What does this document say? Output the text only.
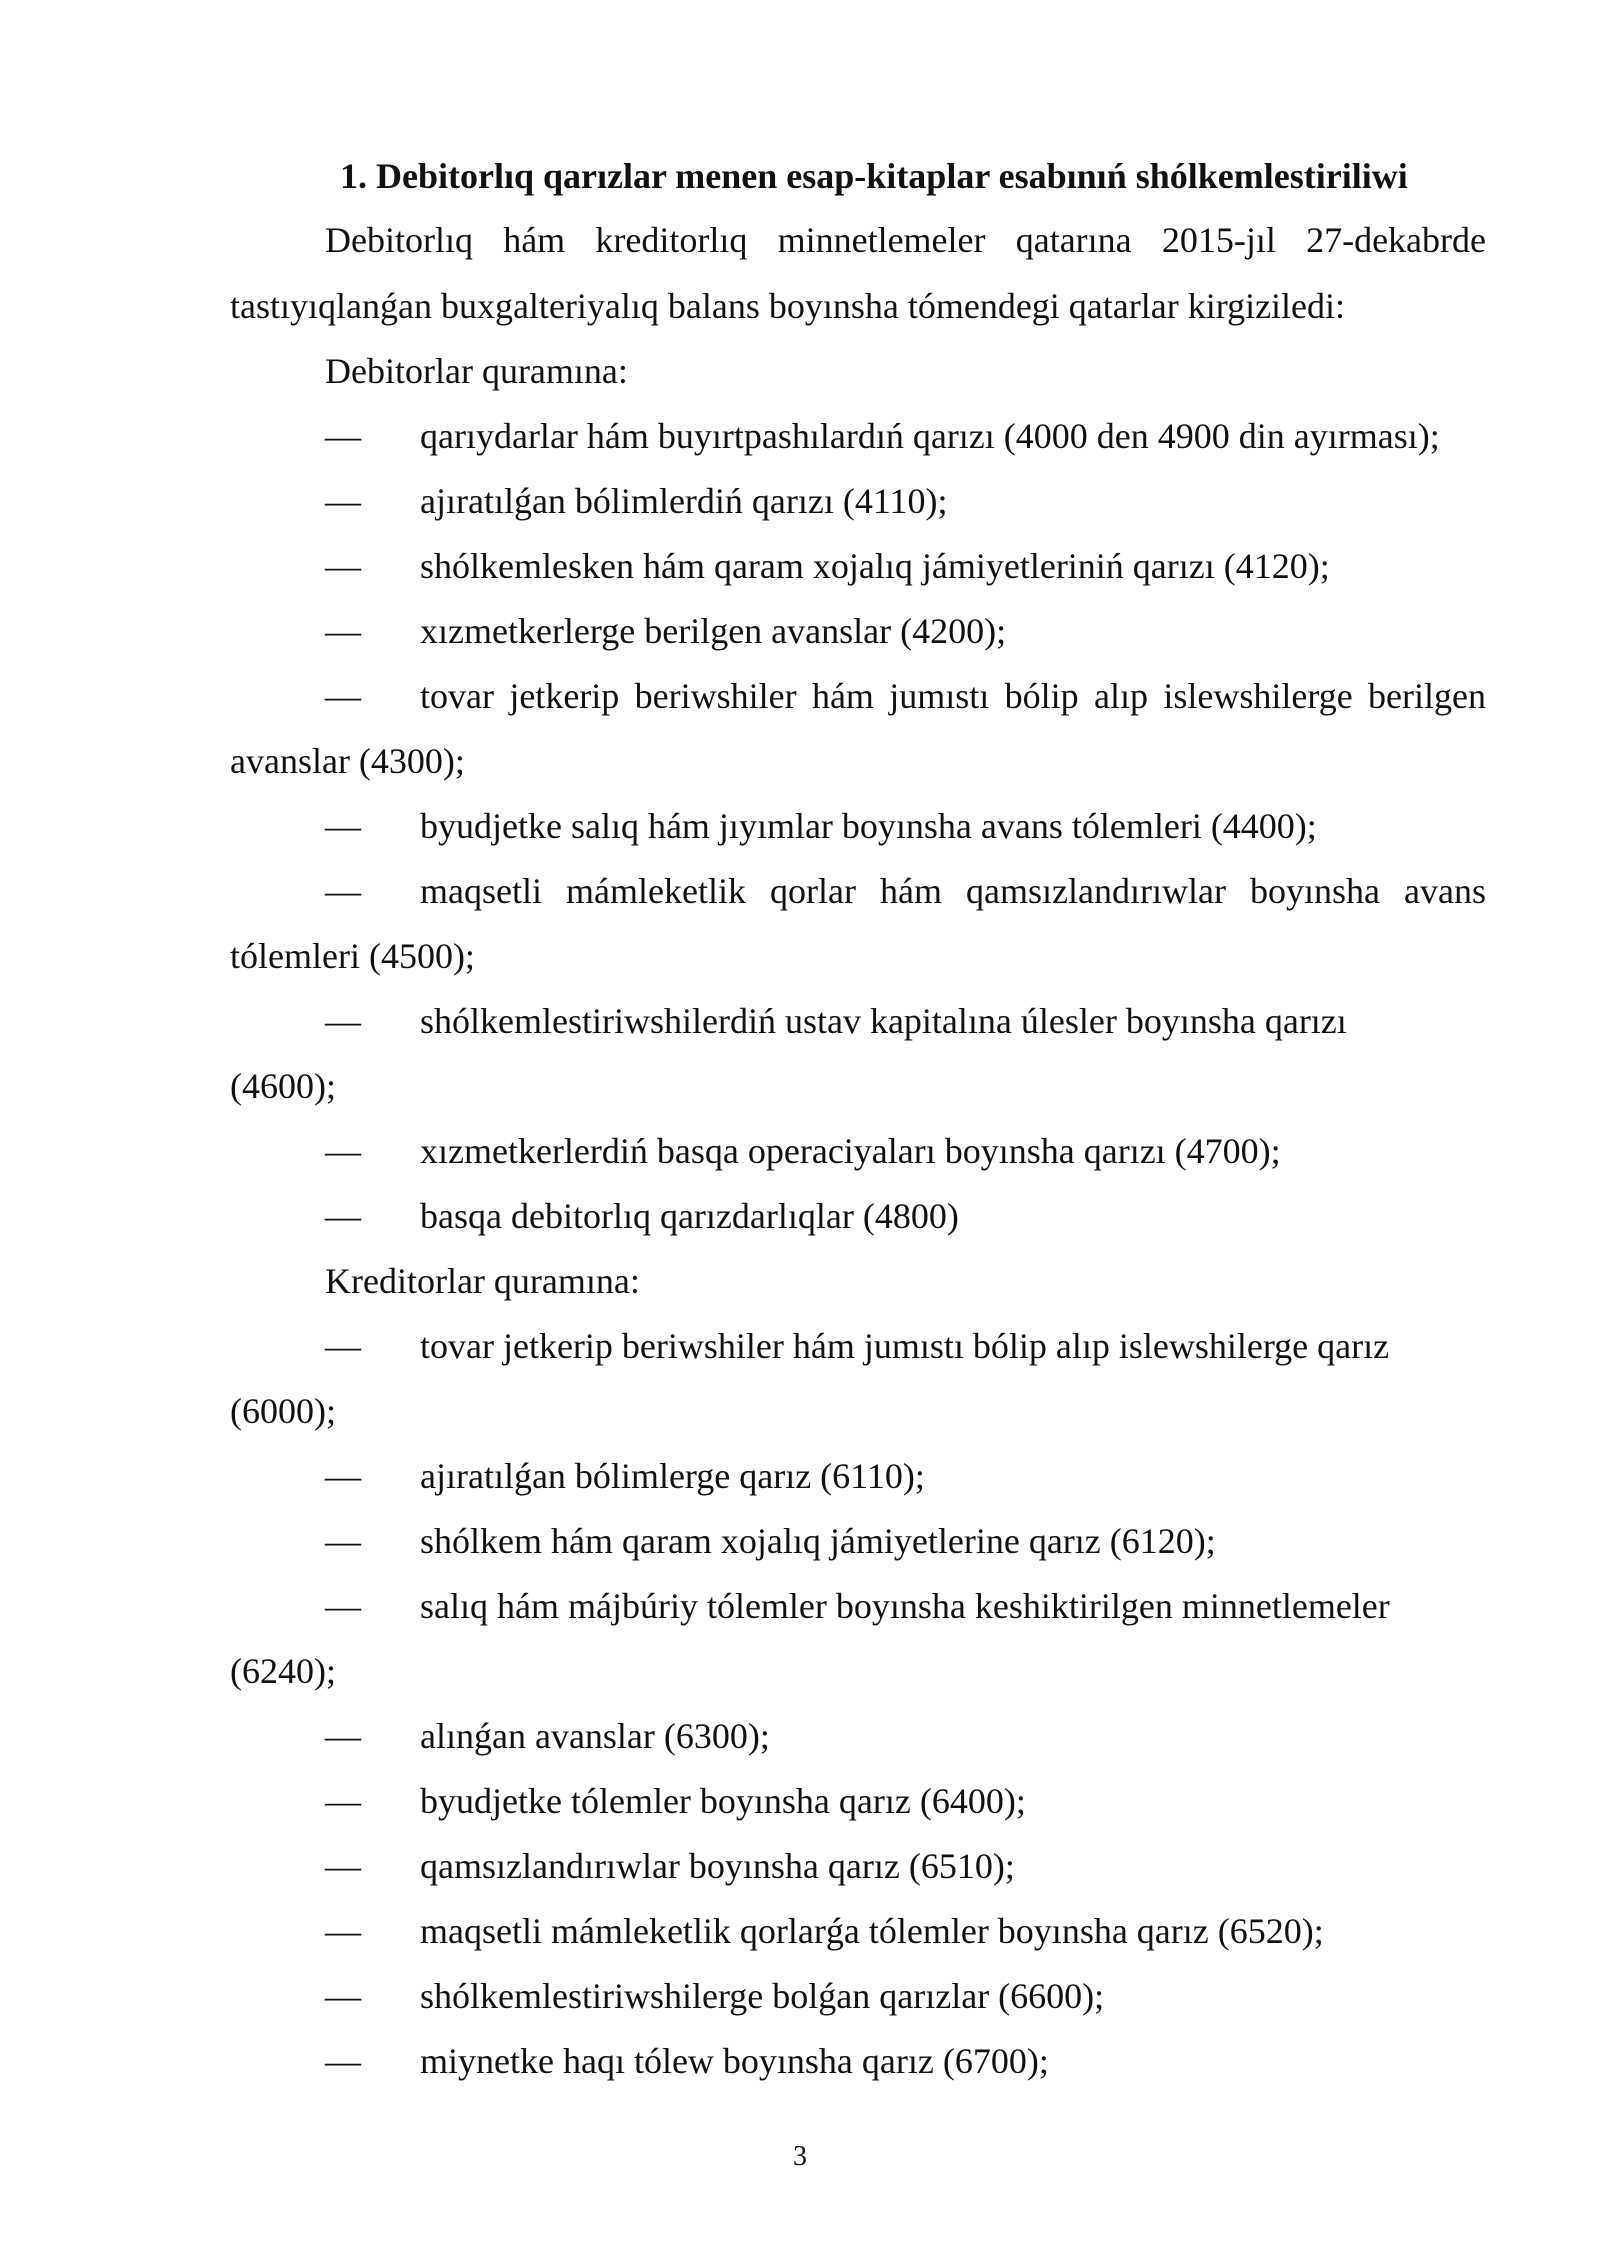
1. Debitorlıq qarızlar menen esap-kitaplar esabınıń shólkemlestiriliwi
Debitorlıq hám kreditorlıq minnetlemeler qatarına 2015-jıl 27-dekabrde
tastıyıqlanǵan buxgalteriyalıq balans boyınsha tómendegi qatarlar kirgiziledi:
Debitorlar quramına:
— qarıydarlar hám buyırtpashılardıń qarızı (4000 den 4900 din ayırması);
— ajıratılǵan bólimlerdiń qarızı (4110);
— shólkemlesken hám qaram xojalıq jámiyetleriniń qarızı (4120);
— xızmetkerlerge berilgen avanslar (4200);
— tovar jetkerip beriwshiler hám jumıstı bólip alıp islewshilerge berilgen
avanslar (4300);
— byudjetke salıq hám jıyımlar boyınsha avans tólemleri (4400);
— maqsetli mámleketlik qorlar hám qamsızlandırıwlar boyınsha avans
tólemleri (4500);
— shólkemlestiriwshilerdiń ustav kapitalına úlesler boyınsha qarızı
(4600);
— xızmetkerlerdiń basqa operaciyaları boyınsha qarızı (4700);
— basqa debitorlıq qarızdarlıqlar (4800)
Kreditorlar quramına:
— tovar jetkerip beriwshiler hám jumıstı bólip alıp islewshilerge qarız
(6000);
— ajıratılǵan bólimlerge qarız (6110);
— shólkem hám qaram xojalıq jámiyetlerine qarız (6120);
— salıq hám májbúriy tólemler boyınsha keshiktirilgen minnetlemeler
(6240);
— alınǵan avanslar (6300);
— byudjetke tólemler boyınsha qarız (6400);
— qamsızlandırıwlar boyınsha qarız (6510);
— maqsetli mámleketlik qorlarǵa tólemler boyınsha qarız (6520);
— shólkemlestiriwshilerge bolǵan qarızlar (6600);
— miynetke haqı tólew boyınsha qarız (6700);
3
